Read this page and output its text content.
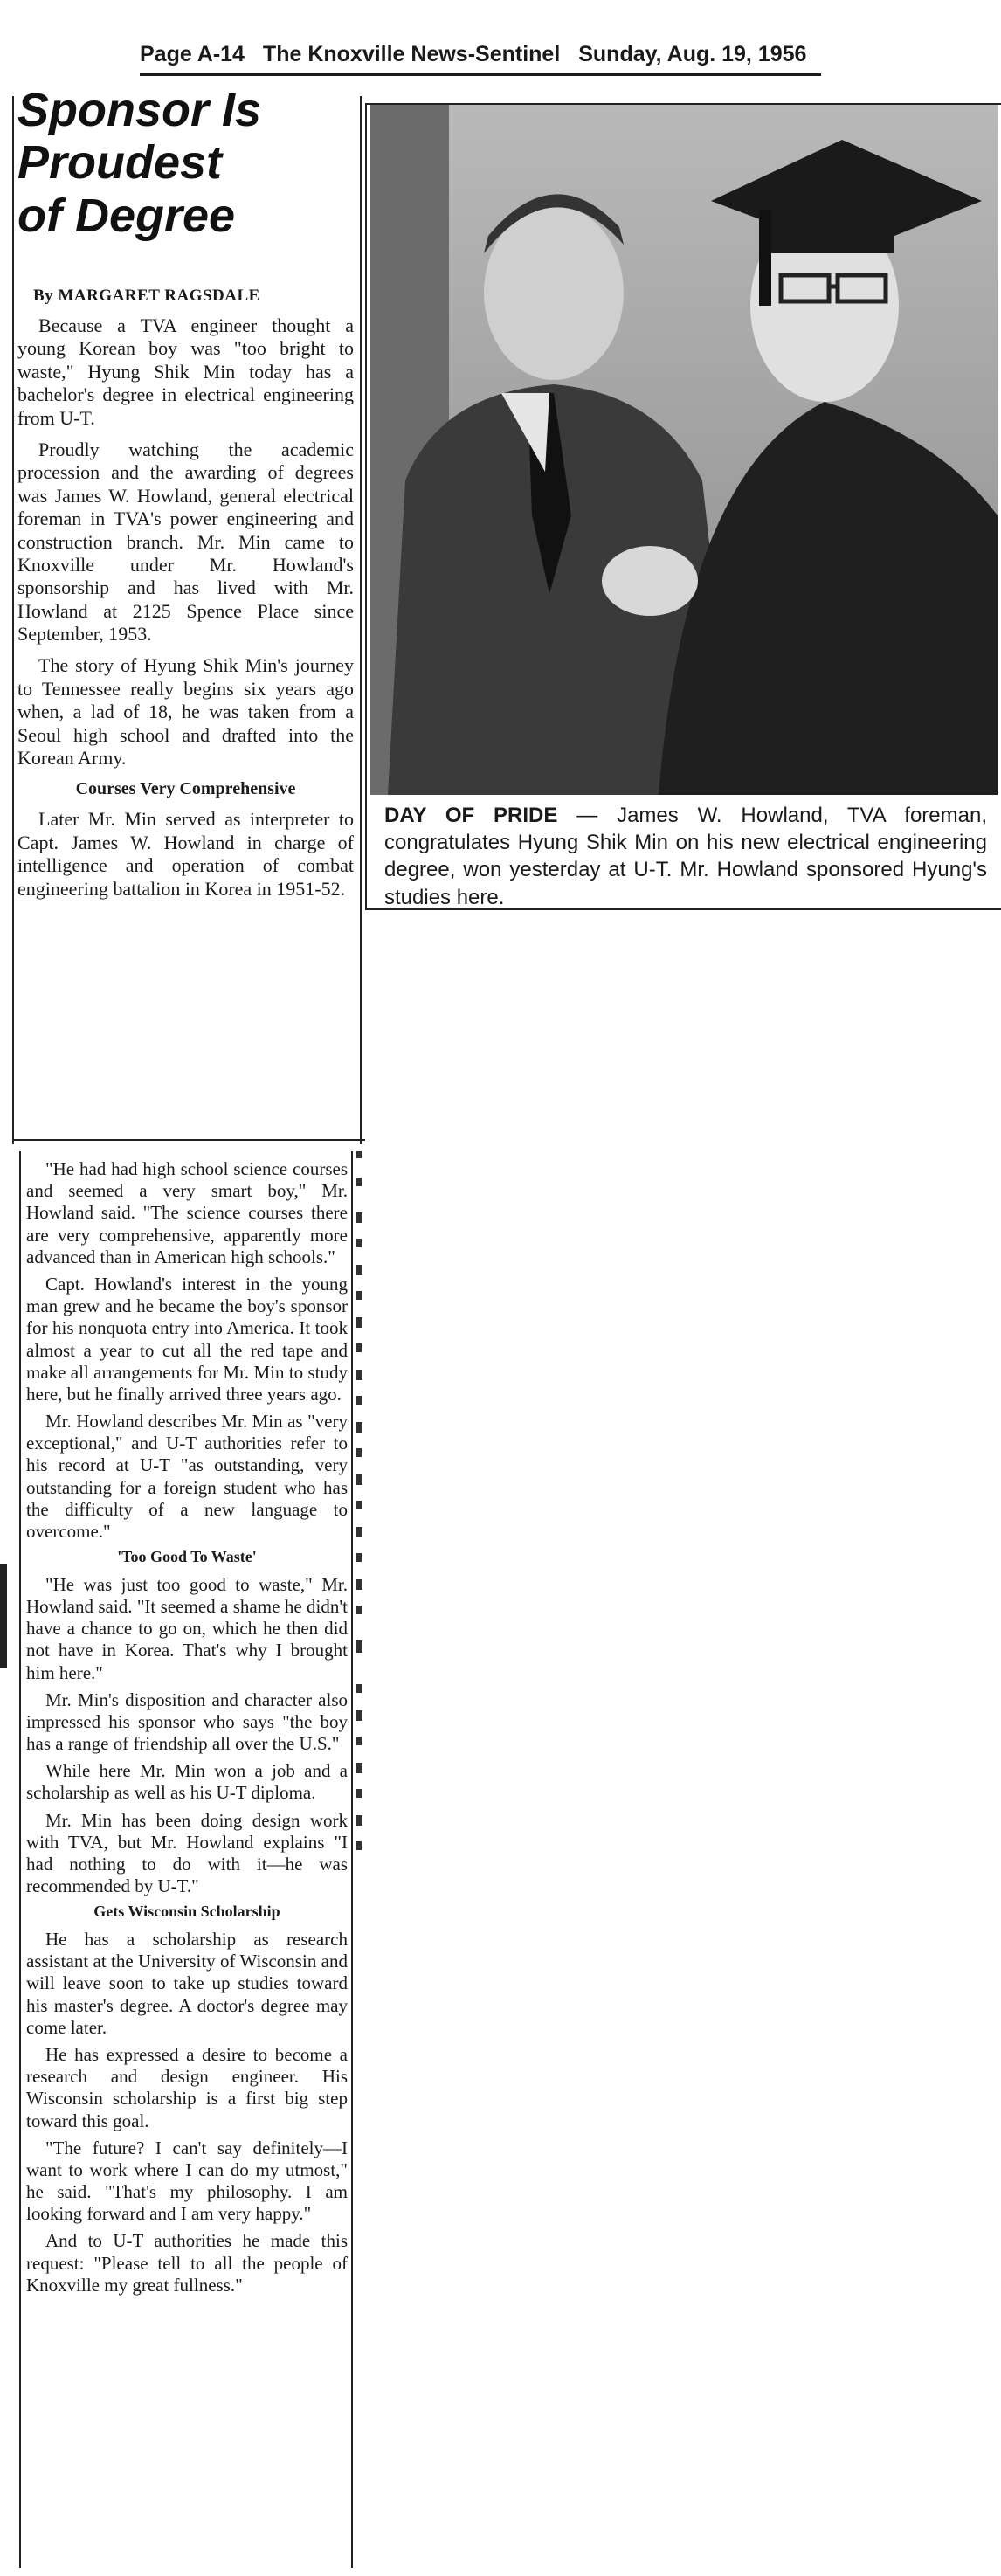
Page A-14 The Knoxville News-Sentinel Sunday, Aug. 19, 1956
Sponsor Is
Proudest
of Degree
By MARGARET RAGSDALE

Because a TVA engineer thought a young Korean boy was "too bright to waste," Hyung Shik Min today has a bachelor's degree in electrical engineering from U-T.

Proudly watching the academic procession and the awarding of degrees was James W. Howland, general electrical foreman in TVA's power engineering and construction branch. Mr. Min came to Knoxville under Mr. Howland's sponsorship and has lived with Mr. Howland at 2125 Spence Place since September, 1953.

The story of Hyung Shik Min's journey to Tennessee really begins six years ago when, a lad of 18, he was taken from a Seoul high school and drafted into the Korean Army.

Courses Very Comprehensive

Later Mr. Min served as interpreter to Capt. James W. Howland in charge of intelligence and operation of combat engineering battalion in Korea in 1951-52.

DAY OF PRIDE — James W. Howland, TVA foreman, congratulates Hyung Shik Min on his new electrical engineering degree, won yesterday at U-T. Mr. Howland sponsored Hyung's studies here.

"He had had high school science courses and seemed a very smart boy," Mr. Howland said. "The science courses there are very comprehensive, apparently more advanced than in American high schools."

Capt. Howland's interest in the young man grew and he became the boy's sponsor for his nonquota entry into America. It took almost a year to cut all the red tape and make all arrangements for Mr. Min to study here, but he finally arrived three years ago.

Mr. Howland describes Mr. Min as "very exceptional," and U-T authorities refer to his record at U-T "as outstanding, very outstanding for a foreign student who has the difficulty of a new language to overcome."

'Too Good To Waste'

"He was just too good to waste," Mr. Howland said. "It seemed a shame he didn't have a chance to go on, which he then did not have in Korea. That's why I brought him here."

Mr. Min's disposition and character also impressed his sponsor who says "the boy has a range of friendship all over the U.S."

While here Mr. Min won a job and a scholarship as well as his U-T diploma.

Mr. Min has been doing design work with TVA, but Mr. Howland explains "I had nothing to do with it—he was recommended by U-T."

Gets Wisconsin Scholarship

He has a scholarship as research assistant at the University of Wisconsin and will leave soon to take up studies toward his master's degree. A doctor's degree may come later.

He has expressed a desire to become a research and design engineer. His Wisconsin scholarship is a first big step toward this goal.

"The future? I can't say definitely—I want to work where I can do my utmost," he said. "That's my philosophy. I am looking forward and I am very happy."

And to U-T authorities he made this request: "Please tell to all the people of Knoxville my great fullness."
